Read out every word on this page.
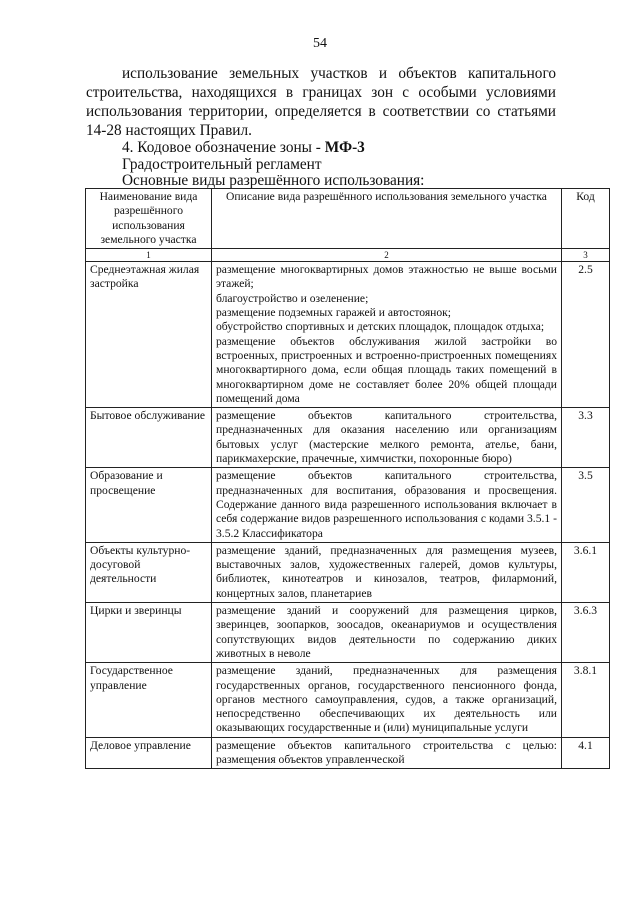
54

использование земельных участков и объектов капитального строительства, находящихся в границах зон с особыми условиями использования территории, определяется в соответствии со статьями 14-28 настоящих Правил.

4. Кодовое обозначение зоны - МФ-3

Градостроительный регламент

Основные виды разрешённого использования:

Наименование вида разрешённого использования земельного участка	Описание вида разрешённого использования земельного участка	Код
1	2	3
Среднеэтажная жилая застройка	размещение многоквартирных домов этажностью не выше восьми этажей;
благоустройство и озеленение;
размещение подземных гаражей и автостоянок;
обустройство спортивных и детских площадок, площадок отдыха;
размещение объектов обслуживания жилой застройки во встроенных, пристроенных и встроенно-пристроенных помещениях многоквартирного дома, если общая площадь таких помещений в многоквартирном доме не составляет более 20% общей площади помещений дома	2.5
Бытовое обслуживание	размещение объектов капитального строительства, предназначенных для оказания населению или организациям бытовых услуг (мастерские мелкого ремонта, ателье, бани, парикмахерские, прачечные, химчистки, похоронные бюро)	3.3
Образование и просвещение	размещение объектов капитального строительства, предназначенных для воспитания, образования и просвещения. Содержание данного вида разрешенного использования включает в себя содержание видов разрешенного использования с кодами 3.5.1 - 3.5.2 Классификатора	3.5
Объекты культурно-досуговой деятельности	размещение зданий, предназначенных для размещения музеев, выставочных залов, художественных галерей, домов культуры, библиотек, кинотеатров и кинозалов, театров, филармоний, концертных залов, планетариев	3.6.1
Цирки и зверинцы	размещение зданий и сооружений для размещения цирков, зверинцев, зоопарков, зоосадов, океанариумов и осуществления сопутствующих видов деятельности по содержанию диких животных в неволе	3.6.3
Государственное управление	размещение зданий, предназначенных для размещения государственных органов, государственного пенсионного фонда, органов местного самоуправления, судов, а также организаций, непосредственно обеспечивающих их деятельность или оказывающих государственные и (или) муниципальные услуги	3.8.1
Деловое управление	размещение объектов капитального строительства с целью: размещения объектов управленческой	4.1
